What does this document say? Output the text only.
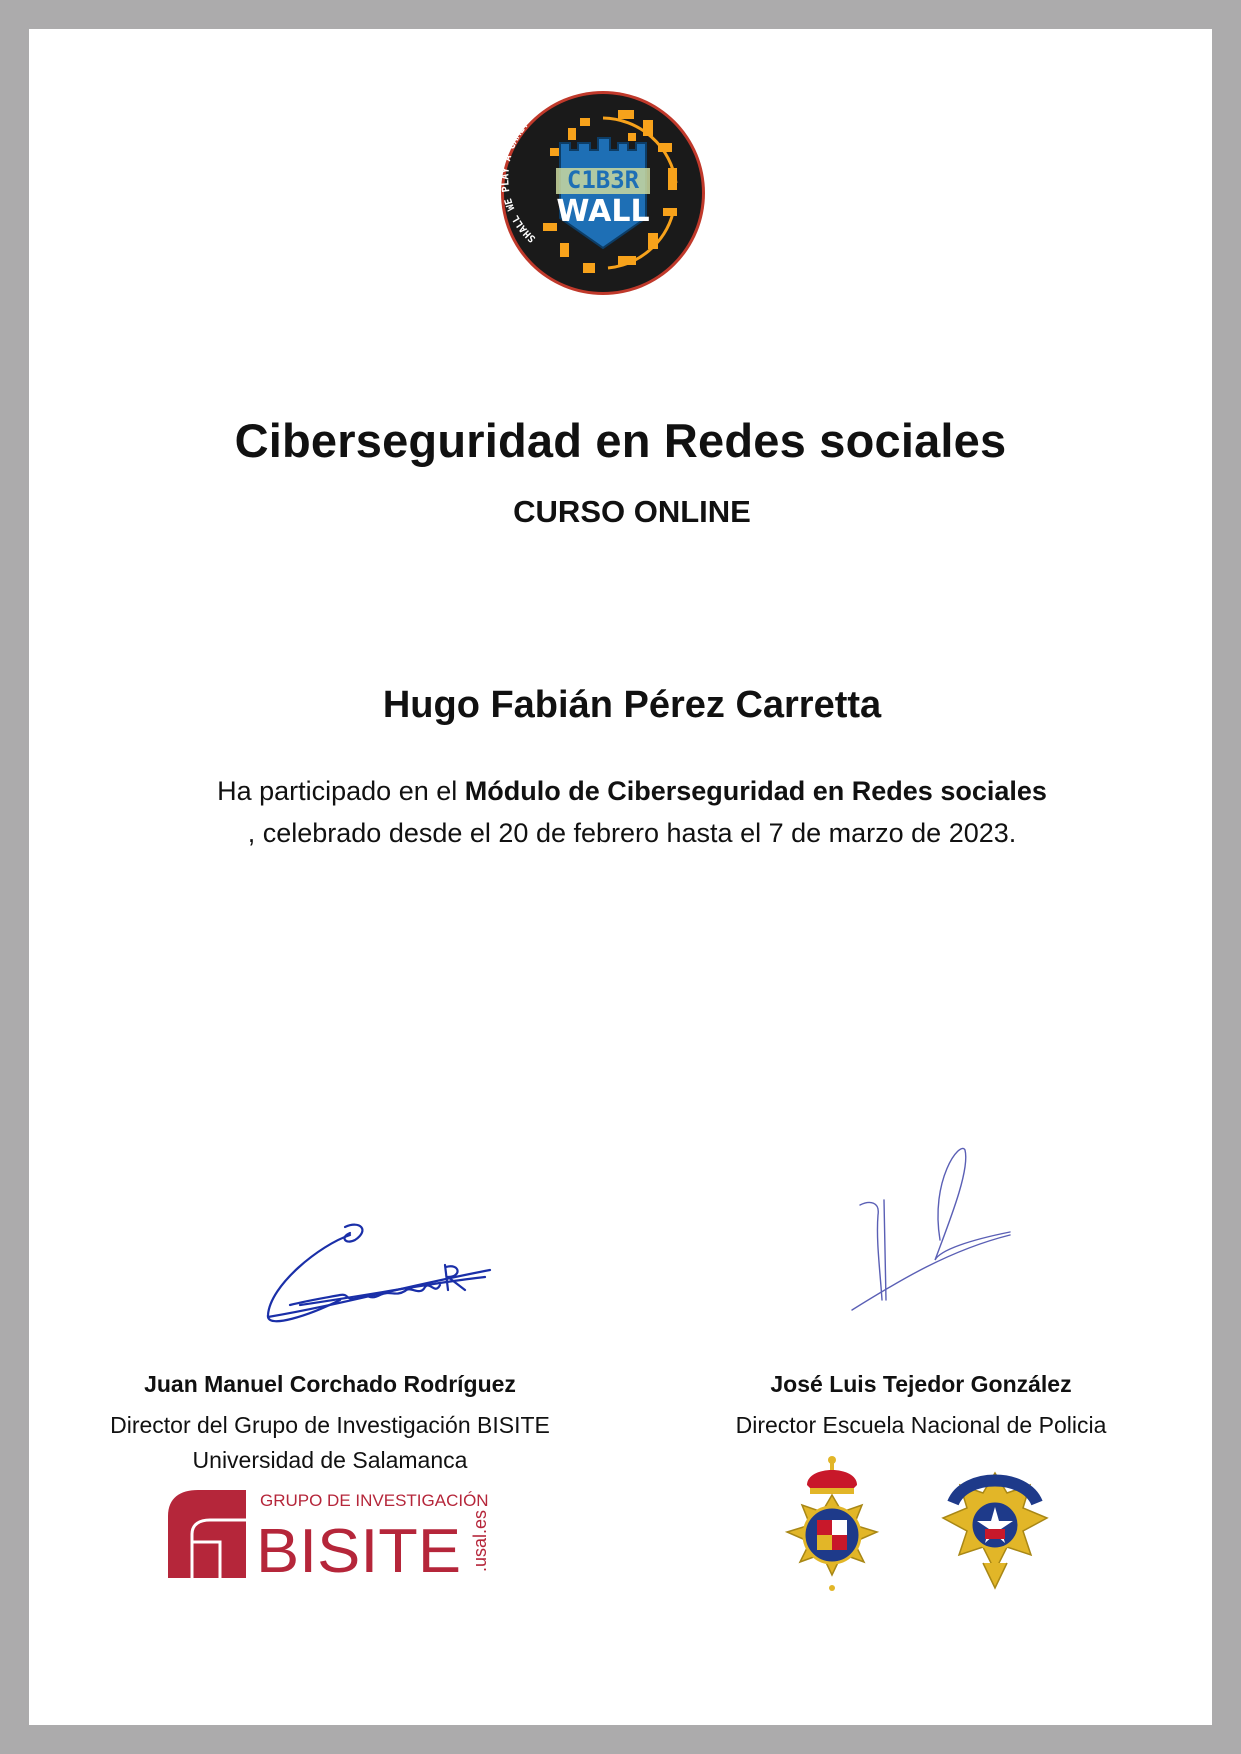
SHALL WE PLAY A GAME?
C1B3R
WALL
Ciberseguridad en Redes sociales
CURSO ONLINE
Hugo Fabián Pérez Carretta
Ha participado en el Módulo de Ciberseguridad en Redes sociales
, celebrado desde el 20 de febrero hasta el 7 de marzo de 2023.
Juan Manuel Corchado Rodríguez
Director del Grupo de Investigación BISITE
Universidad de Salamanca
José Luis Tejedor González
Director Escuela Nacional de Policia
GRUPO DE INVESTIGACIÓN
BISITE .usal.es
